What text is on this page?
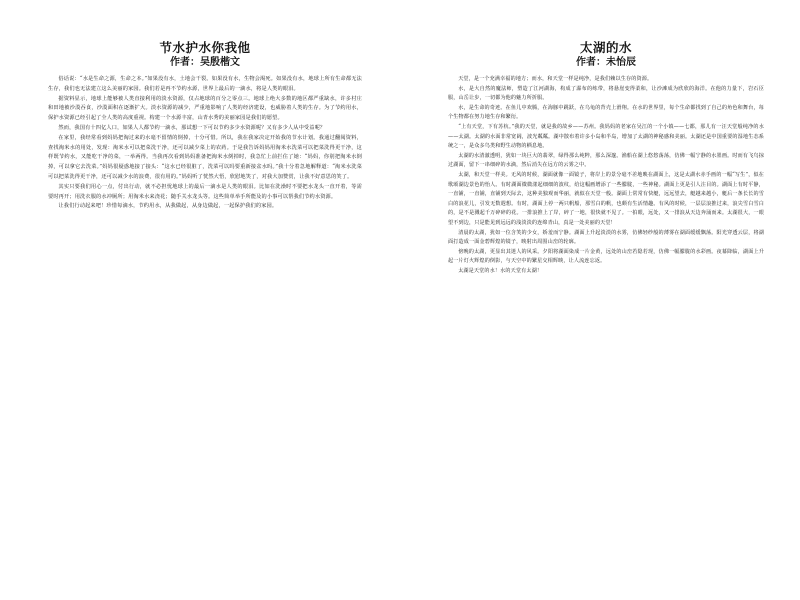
节水护水你我他
作者：吴殷楷文

俗话说：“水是生命之源，生命之本。”如果没有水，土地会干裂。如果没有水，生物会渴死。如果没有水，地球上所有生命都无法生存，我们也无法建立这么美丽的家园。我们若是再不节约水源，世界上最后的一滴水，将是人类的眼泪。

据资料显示，地球上能够被人类直接利用的淡水资源，仅占地球的百分之零点三。地球上绝大多数的地区都严重缺水，许多村庄和田地被沙漠吞食，沙漠面积在逐渐扩大。淡水资源的减少，严重地影响了人类的经济建设，也威胁着人类的生存。为了节约用水，保护水资源已经引起了全人类的高度重视。构建一个水源丰富，山青水秀的美丽家园是我们的愿望。

然而，我国有十四亿人口，如果人人都节约一滴水，那试想一下可以节约多少水资源呢？又有多少人从中受益呢？

在家里，我经常看到妈妈把淘过来的水毫不留情的倒掉，十分可惜。所以，我在我家决定开始我的节水计划。我通过翻阅资料，查找淘米水的用处，发现：淘米水可以把菜洗干净，还可以减少菜上的农药。于是我告诉妈妈用淘米水洗菜可以把菜洗得更干净，这样既节约水，又能吃干净的菜，一举两得。当我再次看到妈妈准备把淘米水倒掉时，我急忙上前拦住了她：“妈妈，你别把淘米水倒掉，可以拿它去洗菜。”妈妈很疑惑地接了接头：“这水已经很脏了，洗菜可以吗要重新接盆水吗。”我十分着急地解释道：“淘米水洗菜可以把菜洗得更干净，还可以减少水的浪费，很有用的。”妈妈听了恍然大悟，欣慰地笑了，对我大加赞赏，让我不好意思的笑了。

其实只要我们用心一点，付出行动，就不必担忧地球上的最后一滴水是人类的眼泪。比如在洗澡时不要把水龙头一直开着，等需要时再开；用洗衣服的水冲厕所；用淘米水来浇花；随手关水龙头等。这些简单举手所能及的小事可以帮我们节约水资源。

让我们行动起来吧！珍惜每滴水，节约用水，从我做起，从身边做起，一起保护我们的家园。

太湖的水
作者：未怡辰

天堂，是一个充满幸福的地方；而水，和天堂一样是纯净，是我们赖以生存的资源。

水，是大自然的魔法师，塑造了江河湖海，构成了瀑布的练带，将悬崖变得柔和，让沙滩成为欣欣的海洋。在他的力量下，岩石臣服，山岳让步，一切都为他的魅力所折服。

水，是生命的奇迹。在鱼儿中欢腾，在海豚中跳跃，在乌龟的背壳上滑翔。在水的世界里，每个生命都找到了自己的角色和舞台，每个生物都在努力地生存和繁衍。

“上有天堂，下有苏杭。”我的天堂，就是我的故乡——苏州。我妈妈的老家在吴江的一个小镇——七都，那儿有一汪天堂般纯净的水——太湖。太湖的水面非常宽阔，波光粼粼。湖中散布着许多小岛和半岛，增加了太湖的神秘感和美丽。太湖还是中国重要的湿地生态系统之一，是众多鸟类和野生动物的栖息地。

太湖的水清澈透明，犹如一块巨大的翡翠，绿得那么纯粹，那么深邃。渔船在湖上悠悠荡荡，仿佛一幅宁静的水墨画。时而有飞鸟掠过湖面，留下一串细碎的水滴，然后消失在远方的云雾之中。

太湖，和天堂一样美。无风的时候，湖面就像一面镜子，将岸上的景分毫不差地映在湖面上，这是太湖水赤手画的一幅“写生”，似在歌颂湖边景色的怡人。有时湖面微微漾起细细的波纹，给这幅画增添了一些朦胧，一些神秘。湖面上更是引人注目的。湖面上有时平静，一直铺，一直铺，直铺到天际去，这种美独观而华丽，就似在天堂一般。湖面上常常有快艇，远远望去，艇越来越小，艇后一条长长的雪白的浪花儿，引发无数遐想。有时，湖面上停一两只帆船，那雪白的帆，也颇有生活情趣。有风的时候，一层层浪推过来，浪尖雪白雪白的，是不是溅起千万碎碎的花。一排浪推上了岸，碎了一地，很快就不见了。一拍眼，远处，又一排浪从天边奔涌而来。太湖很大，一眼望不到边，只是能见到远远的浅淡淡的连绵青山，真是一处美丽的天堂！

清晨的太湖，犹如一位含笑的少女，娇羞而宁静。湖面上升起淡淡的水雾，仿佛轻纱般的薄雾在湖面缓缓飘荡。阳光穿透云层，将湖面打造成一面金碧辉煌的镜子，映射出周围山峦的轮廓。

傍晚的太湖，更显出其迷人的风采。夕阳将湖面染成一片金黄，远处的山峦若隐若现，仿佛一幅朦胧的水彩画。夜幕降临，湖面上升起一片灯火辉煌的倒影，与天空中的繁星交相辉映，让人流连忘返。

太湖是天堂的水！水的天堂有太湖！
